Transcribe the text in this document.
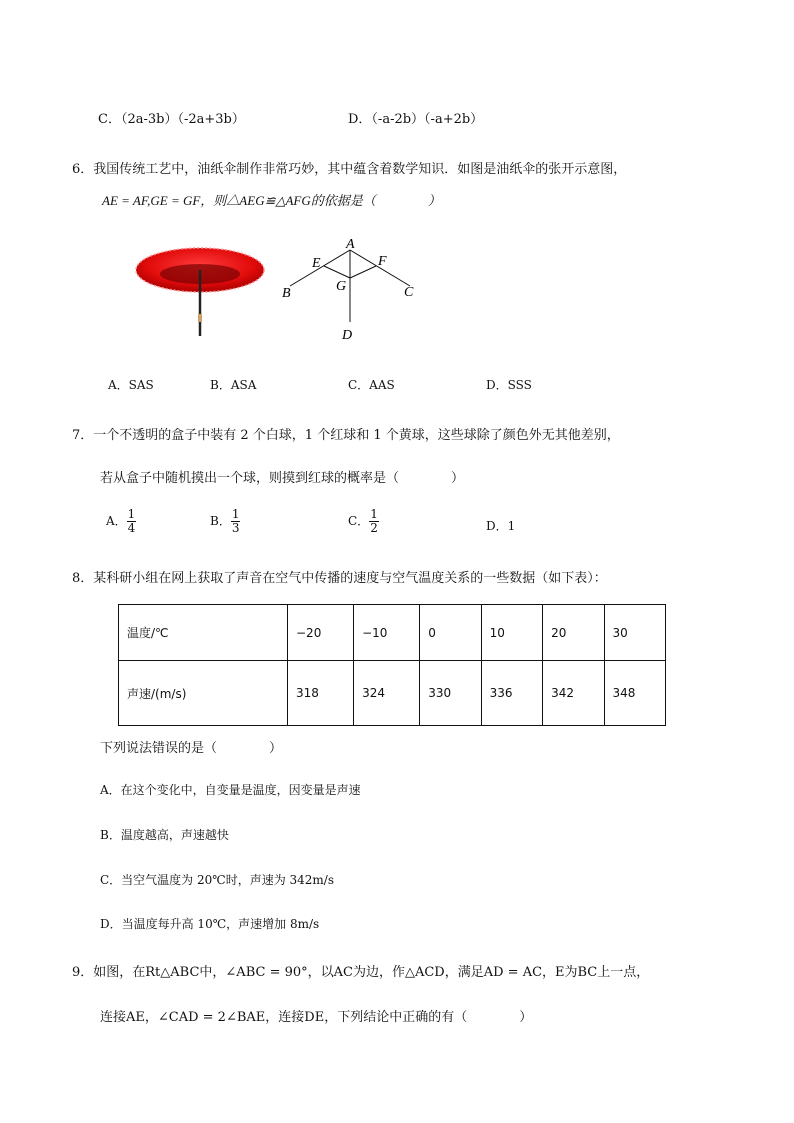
C．（2a-3b）（-2a+3b）	D．（-a-2b）（-a+2b）
6．我国传统工艺中，油纸伞制作非常巧妙，其中蕴含着数学知识．如图是油纸伞的张开示意图，
AE = AF,GE = GF，则△AEG≌△AFG的依据是（　　　　）
A
E	F
G
B	C
D
A．SAS	B．ASA	C．AAS	D．SSS
7．一个不透明的盒子中装有 2 个白球，1 个红球和 1 个黄球，这些球除了颜色外无其他差别，
若从盒子中随机摸出一个球，则摸到红球的概率是（　　　　）
A． $\frac{1}{4}$	B． $\frac{1}{3}$	C． $\frac{1}{2}$	D．1
8．某科研小组在网上获取了声音在空气中传播的速度与空气温度关系的一些数据（如下表）：
温度/℃	−20	−10	0	10	20	30
声速/(m/s)	318	324	330	336	342	348
下列说法错误的是（　　　　）
A．在这个变化中，自变量是温度，因变量是声速
B．温度越高，声速越快
C．当空气温度为 20℃时，声速为 342m/s
D．当温度每升高 10℃，声速增加 8m/s
9．如图，在Rt△ABC中，∠ABC = 90°，以AC为边，作△ACD，满足AD = AC，E为BC上一点，
连接AE，∠CAD = 2∠BAE，连接DE，下列结论中正确的有（　　　　）
